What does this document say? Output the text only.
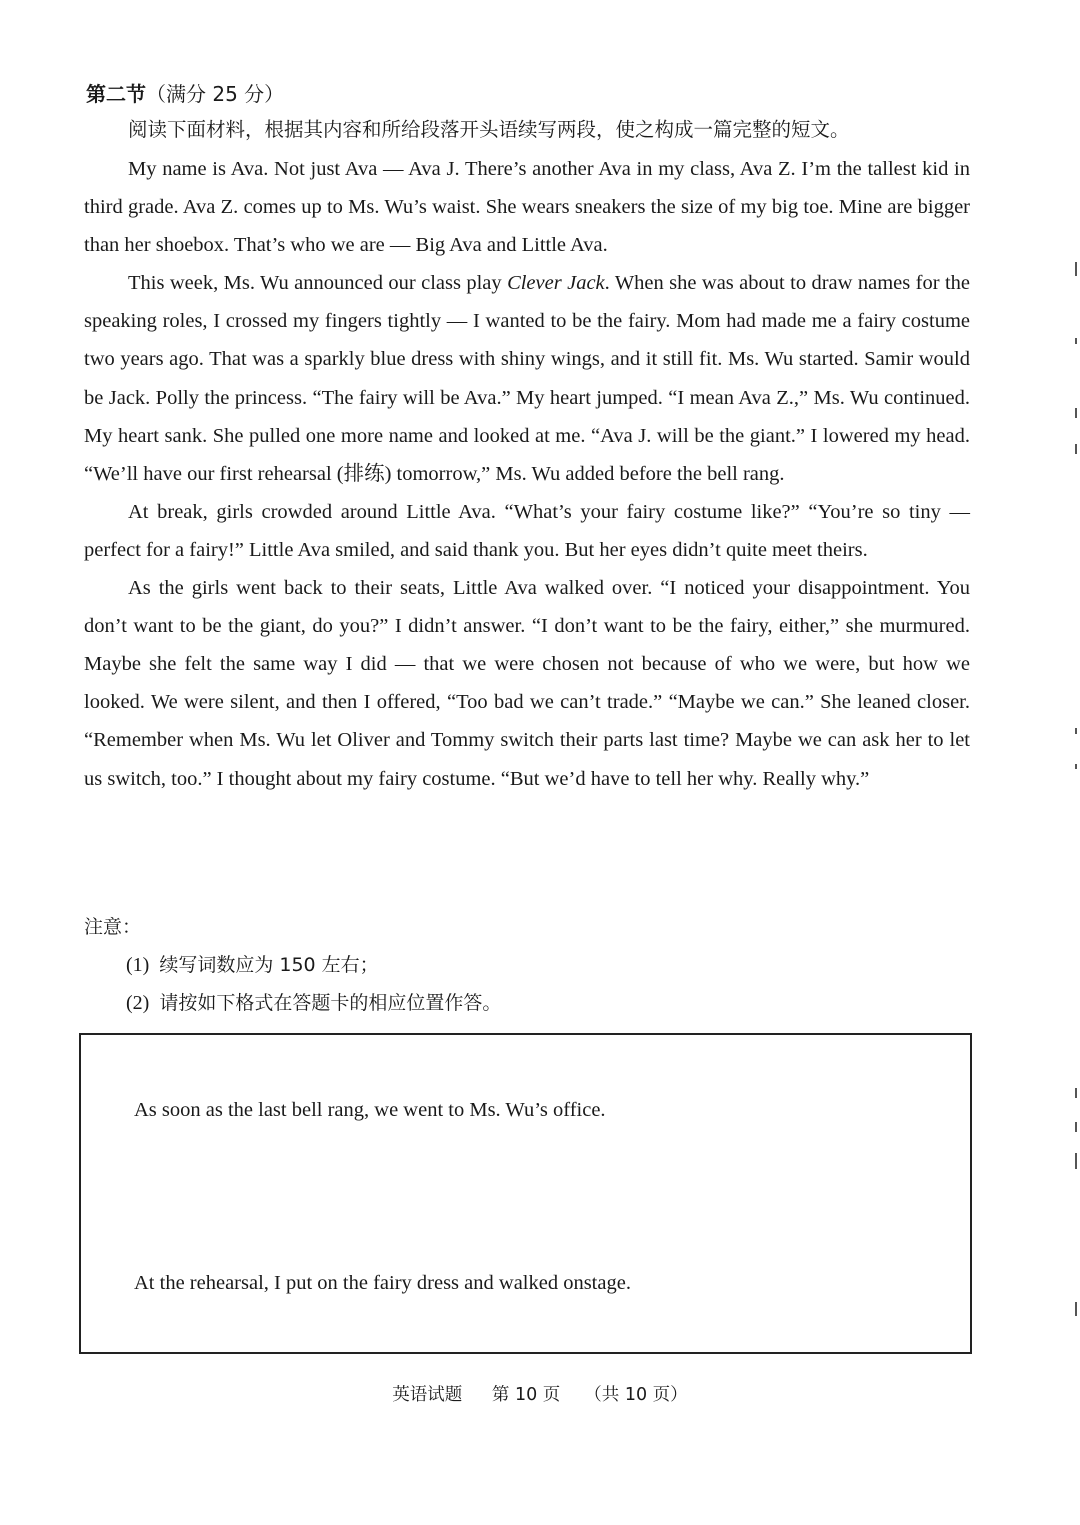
第二节（满分 25 分）
阅读下面材料，根据其内容和所给段落开头语续写两段，使之构成一篇完整的短文。

My name is Ava. Not just Ava — Ava J. There’s another Ava in my class, Ava Z. I’m the tallest kid in third grade. Ava Z. comes up to Ms. Wu’s waist. She wears sneakers the size of my big toe. Mine are bigger than her shoebox. That’s who we are — Big Ava and Little Ava.

This week, Ms. Wu announced our class play Clever Jack. When she was about to draw names for the speaking roles, I crossed my fingers tightly — I wanted to be the fairy. Mom had made me a fairy costume two years ago. That was a sparkly blue dress with shiny wings, and it still fit. Ms. Wu started. Samir would be Jack. Polly the princess. “The fairy will be Ava.” My heart jumped. “I mean Ava Z.,” Ms. Wu continued. My heart sank. She pulled one more name and looked at me. “Ava J. will be the giant.” I lowered my head. “We’ll have our first rehearsal (排练) tomorrow,” Ms. Wu added before the bell rang.

At break, girls crowded around Little Ava. “What’s your fairy costume like?” “You’re so tiny — perfect for a fairy!” Little Ava smiled, and said thank you. But her eyes didn’t quite meet theirs.

As the girls went back to their seats, Little Ava walked over. “I noticed your disappointment. You don’t want to be the giant, do you?” I didn’t answer. “I don’t want to be the fairy, either,” she murmured. Maybe she felt the same way I did — that we were chosen not because of who we were, but how we looked. We were silent, and then I offered, “Too bad we can’t trade.” “Maybe we can.” She leaned closer. “Remember when Ms. Wu let Oliver and Tommy switch their parts last time? Maybe we can ask her to let us switch, too.” I thought about my fairy costume. “But we’d have to tell her why. Really why.”

注意：
(1) 续写词数应为 150 左右；
(2) 请按如下格式在答题卡的相应位置作答。
As soon as the last bell rang, we went to Ms. Wu’s office.
At the rehearsal, I put on the fairy dress and walked onstage.
英语试题 第 10 页 （共 10 页）
